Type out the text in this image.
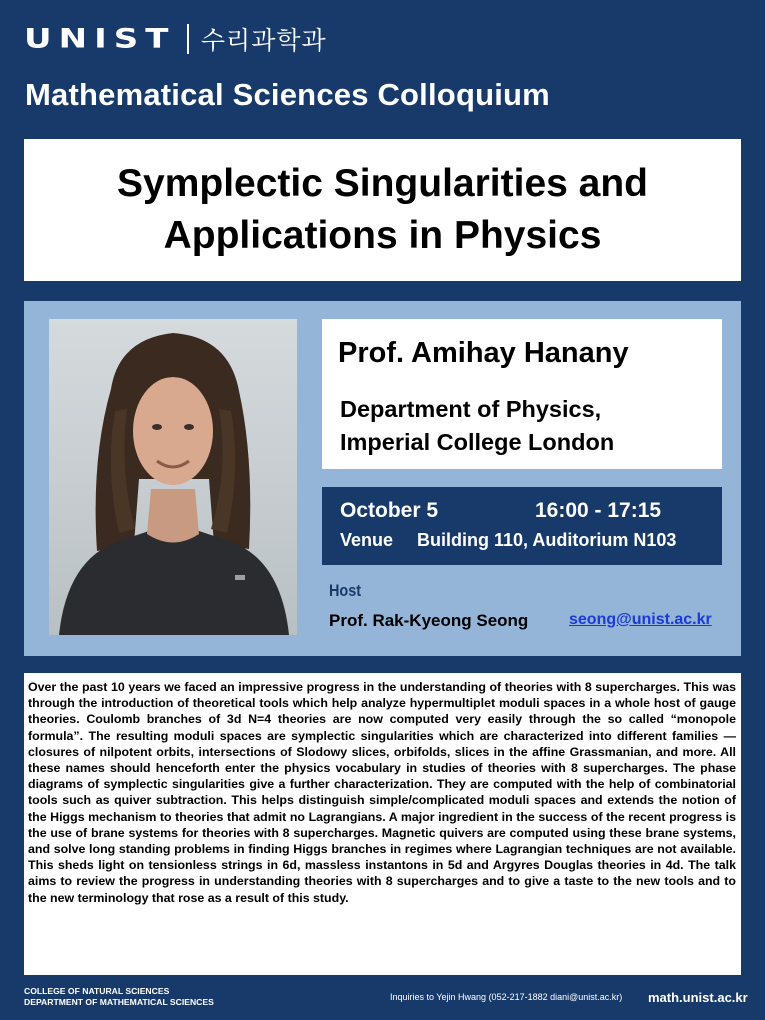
UNIST 수리과학과
Mathematical Sciences Colloquium
Symplectic Singularities and
Applications in Physics
Prof. Amihay Hanany
Department of Physics,
Imperial College London
October 5	16:00 - 17:15
Venue Building 110, Auditorium N103
Host
Prof. Rak-Kyeong Seong	seong@unist.ac.kr

Over the past 10 years we faced an impressive progress in the understanding of theories with 8 supercharges. This was through the introduction of theoretical tools which help analyze hypermultiplet moduli spaces in a whole host of gauge theories. Coulomb branches of 3d N=4 theories are now computed very easily through the so called “monopole formula”. The resulting moduli spaces are symplectic singularities which are characterized into different families — closures of nilpotent orbits, intersections of Slodowy slices, orbifolds, slices in the affine Grassmanian, and more. All these names should henceforth enter the physics vocabulary in studies of theories with 8 supercharges. The phase diagrams of symplectic singularities give a further characterization. They are computed with the help of combinatorial tools such as quiver subtraction. This helps distinguish simple/complicated moduli spaces and extends the notion of the Higgs mechanism to theories that admit no Lagrangians. A major ingredient in the success of the recent progress is the use of brane systems for theories with 8 supercharges. Magnetic quivers are computed using these brane systems, and solve long standing problems in finding Higgs branches in regimes where Lagrangian techniques are not available. This sheds light on tensionless strings in 6d, massless instantons in 5d and Argyres Douglas theories in 4d. The talk aims to review the progress in understanding theories with 8 supercharges and to give a taste to the new tools and to the new terminology that rose as a result of this study.

COLLEGE OF NATURAL SCIENCES
DEPARTMENT OF MATHEMATICAL SCIENCES	Inquiries to Yejin Hwang (052-217-1882 diani@unist.ac.kr) math.unist.ac.kr
